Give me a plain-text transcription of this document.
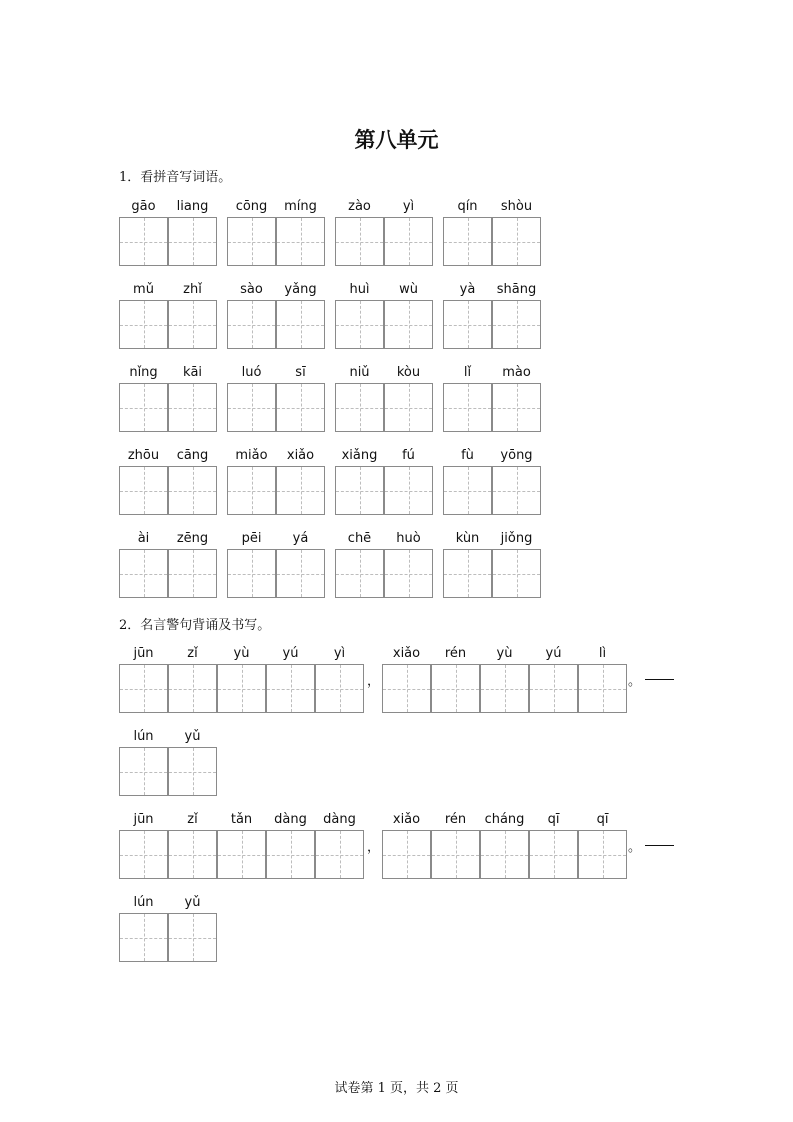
第八单元
1．看拼音写词语。
gāo	liang	cōng	míng	zào	yì	qín	shòu
mǔ	zhǐ	sào	yǎng	huì	wù	yà	shāng
nǐng	kāi	luó	sī	niǔ	kòu	lǐ	mào
zhōu	cāng	miǎo	xiǎo	xiǎng	fú	fù	yōng
ài	zēng	pēi	yá	chē	huò	kùn	jiǒng
2．名言警句背诵及书写。
jūn	zǐ	yù	yú	yì
，
xiǎo	rén	yù	yú	lì
。
lún	yǔ
jūn	zǐ	tǎn	dàng	dàng
，
xiǎo	rén	cháng	qī	qī
。
lún	yǔ
试卷第 1 页，共 2 页
